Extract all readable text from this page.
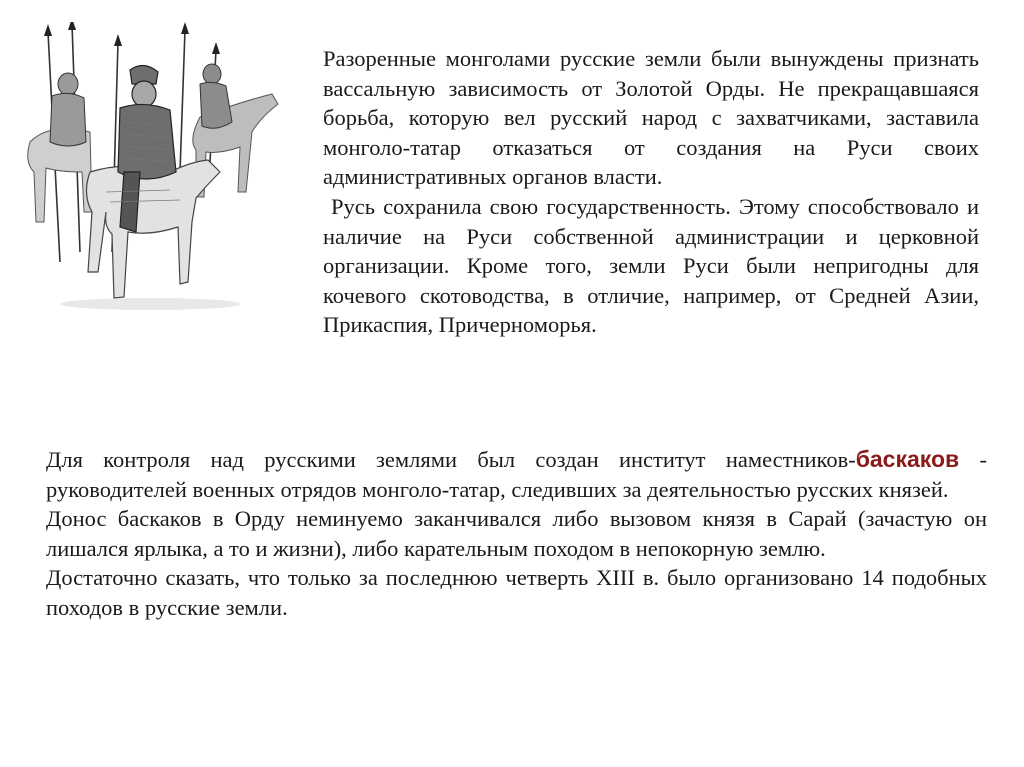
Разоренные монголами русские земли были вынуждены признать вассальную зависимость от Золотой Орды. Не прекращавшаяся борьба, которую вел русский народ с захватчиками, заставила монголо-татар отказаться от создания на Руси своих административных органов власти.

Русь сохранила свою государственность. Этому способствовало и наличие на Руси собственной администрации и церковной организации. Кроме того, земли Руси были непригодны для кочевого скотоводства, в отличие, например, от Средней Азии, Прикаспия, Причерноморья.

Для контроля над русскими землями был создан институт наместников-баскаков - руководителей военных отрядов монголо-татар, следивших за деятельностью русских князей.

Донос баскаков в Орду неминуемо заканчивался либо вызовом князя в Сарай (зачастую он лишался ярлыка, а то и жизни), либо карательным походом в непокорную землю.

Достаточно сказать, что только за последнюю четверть XIII в. было организовано 14 подобных походов в русские земли.
